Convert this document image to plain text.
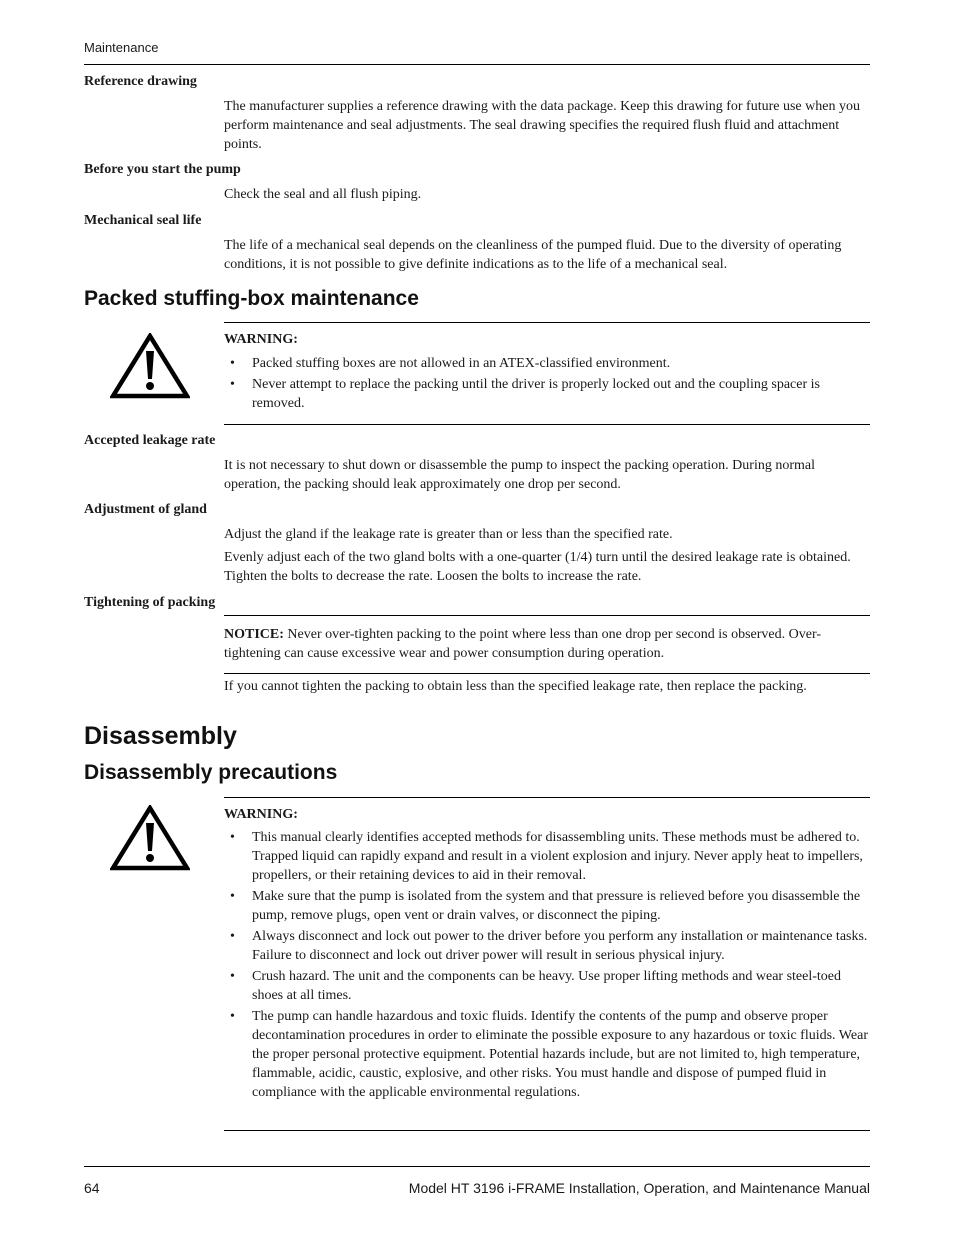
Maintenance
Reference drawing

The manufacturer supplies a reference drawing with the data package. Keep this drawing for future use when you perform maintenance and seal adjustments. The seal drawing specifies the required flush fluid and attachment points.

Before you start the pump

Check the seal and all flush piping.

Mechanical seal life

The life of a mechanical seal depends on the cleanliness of the pumped fluid. Due to the diversity of operating conditions, it is not possible to give definite indications as to the life of a mechanical seal.

Packed stuffing-box maintenance
WARNING:
• Packed stuffing boxes are not allowed in an ATEX-classified environment.
• Never attempt to replace the packing until the driver is properly locked out and the coupling spacer is removed.
Accepted leakage rate

It is not necessary to shut down or disassemble the pump to inspect the packing operation. During normal operation, the packing should leak approximately one drop per second.

Adjustment of gland

Adjust the gland if the leakage rate is greater than or less than the specified rate.

Evenly adjust each of the two gland bolts with a one-quarter (1/4) turn until the desired leakage rate is obtained. Tighten the bolts to decrease the rate. Loosen the bolts to increase the rate.

Tightening of packing

NOTICE: Never over-tighten packing to the point where less than one drop per second is observed. Over-tightening can cause excessive wear and power consumption during operation.

If you cannot tighten the packing to obtain less than the specified leakage rate, then replace the packing.

Disassembly
Disassembly precautions
WARNING:
• This manual clearly identifies accepted methods for disassembling units. These methods must be adhered to. Trapped liquid can rapidly expand and result in a violent explosion and injury. Never apply heat to impellers, propellers, or their retaining devices to aid in their removal.
• Make sure that the pump is isolated from the system and that pressure is relieved before you disassemble the pump, remove plugs, open vent or drain valves, or disconnect the piping.
• Always disconnect and lock out power to the driver before you perform any installation or maintenance tasks. Failure to disconnect and lock out driver power will result in serious physical injury.
• Crush hazard. The unit and the components can be heavy. Use proper lifting methods and wear steel-toed shoes at all times.
• The pump can handle hazardous and toxic fluids. Identify the contents of the pump and observe proper decontamination procedures in order to eliminate the possible exposure to any hazardous or toxic fluids. Wear the proper personal protective equipment. Potential hazards include, but are not limited to, high temperature, flammable, acidic, caustic, explosive, and other risks. You must handle and dispose of pumped fluid in compliance with the applicable environmental regulations.
64	Model HT 3196 i-FRAME Installation, Operation, and Maintenance Manual
